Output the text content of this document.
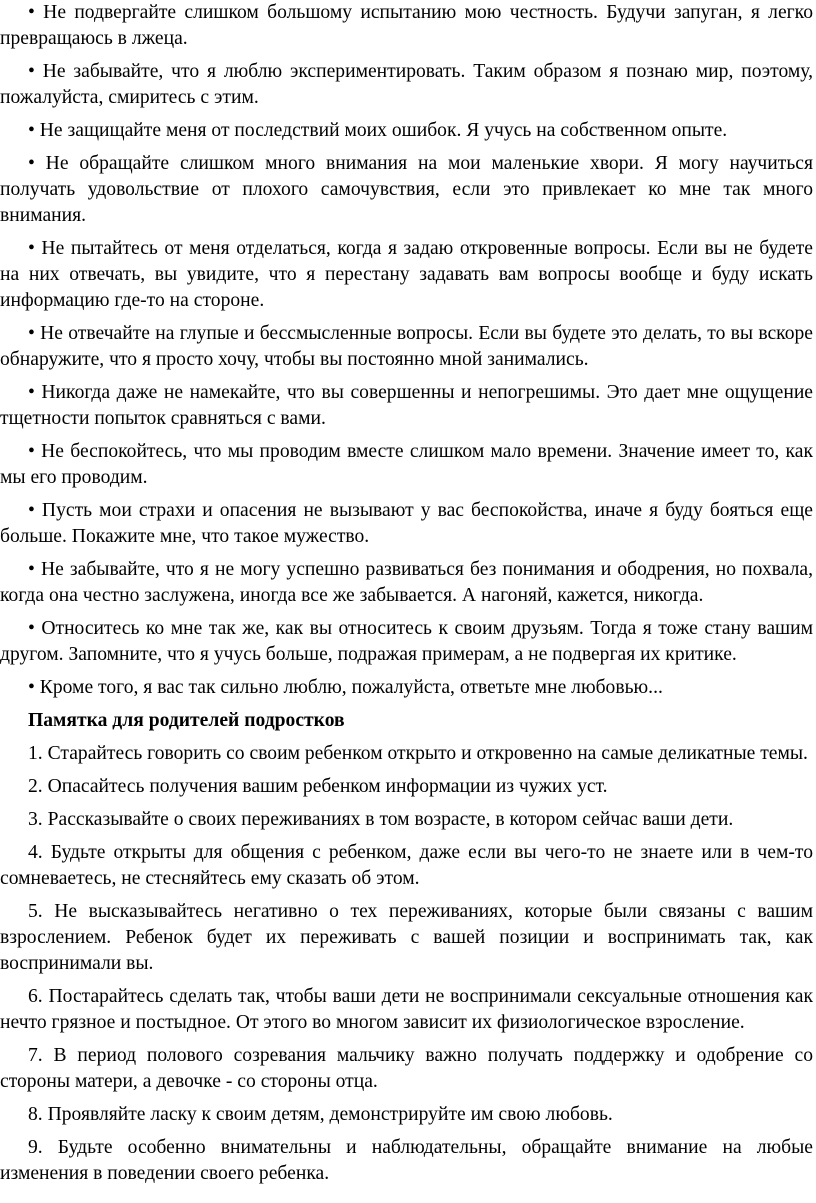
• Не подвергайте слишком большому испытанию мою честность. Будучи запуган, я легко превращаюсь в лжеца.

• Не забывайте, что я люблю экспериментировать. Таким образом я познаю мир, поэтому, пожалуйста, смиритесь с этим.

• Не защищайте меня от последствий моих ошибок. Я учусь на собственном опыте.

• Не обращайте слишком много внимания на мои маленькие хвори. Я могу научиться получать удовольствие от плохого самочувствия, если это привлекает ко мне так много внимания.

• Не пытайтесь от меня отделаться, когда я задаю откровенные вопросы. Если вы не будете на них отвечать, вы увидите, что я перестану задавать вам вопросы вообще и буду искать информацию где-то на стороне.

• Не отвечайте на глупые и бессмысленные вопросы. Если вы будете это делать, то вы вскоре обнаружите, что я просто хочу, чтобы вы постоянно мной занимались.

• Никогда даже не намекайте, что вы совершенны и непогрешимы. Это дает мне ощущение тщетности попыток сравняться с вами.

• Не беспокойтесь, что мы проводим вместе слишком мало времени. Значение имеет то, как мы его проводим.

• Пусть мои страхи и опасения не вызывают у вас беспокойства, иначе я буду бояться еще больше. Покажите мне, что такое мужество.

• Не забывайте, что я не могу успешно развиваться без понимания и ободрения, но похвала, когда она честно заслужена, иногда все же забывается. А нагоняй, кажется, никогда.

• Относитесь ко мне так же, как вы относитесь к своим друзьям. Тогда я тоже стану вашим другом. Запомните, что я учусь больше, подражая примерам, а не подвергая их критике.

• Кроме того, я вас так сильно люблю, пожалуйста, ответьте мне любовью...

Памятка для родителей подростков

1. Старайтесь говорить со своим ребенком открыто и откровенно на самые деликатные темы.

2. Опасайтесь получения вашим ребенком информации из чужих уст.

3. Рассказывайте о своих переживаниях в том возрасте, в котором сейчас ваши дети.

4. Будьте открыты для общения с ребенком, даже если вы чего-то не знаете или в чем-то сомневаетесь, не стесняйтесь ему сказать об этом.

5. Не высказывайтесь негативно о тех переживаниях, которые были связаны с вашим взрослением. Ребенок будет их переживать с вашей позиции и воспринимать так, как воспринимали вы.

6. Постарайтесь сделать так, чтобы ваши дети не воспринимали сексуальные отношения как нечто грязное и постыдное. От этого во многом зависит их физиологическое взросление.

7. В период полового созревания мальчику важно получать поддержку и одобрение со стороны матери, а девочке - со стороны отца.

8. Проявляйте ласку к своим детям, демонстрируйте им свою любовь.

9. Будьте особенно внимательны и наблюдательны, обращайте внимание на любые изменения в поведении своего ребенка.
